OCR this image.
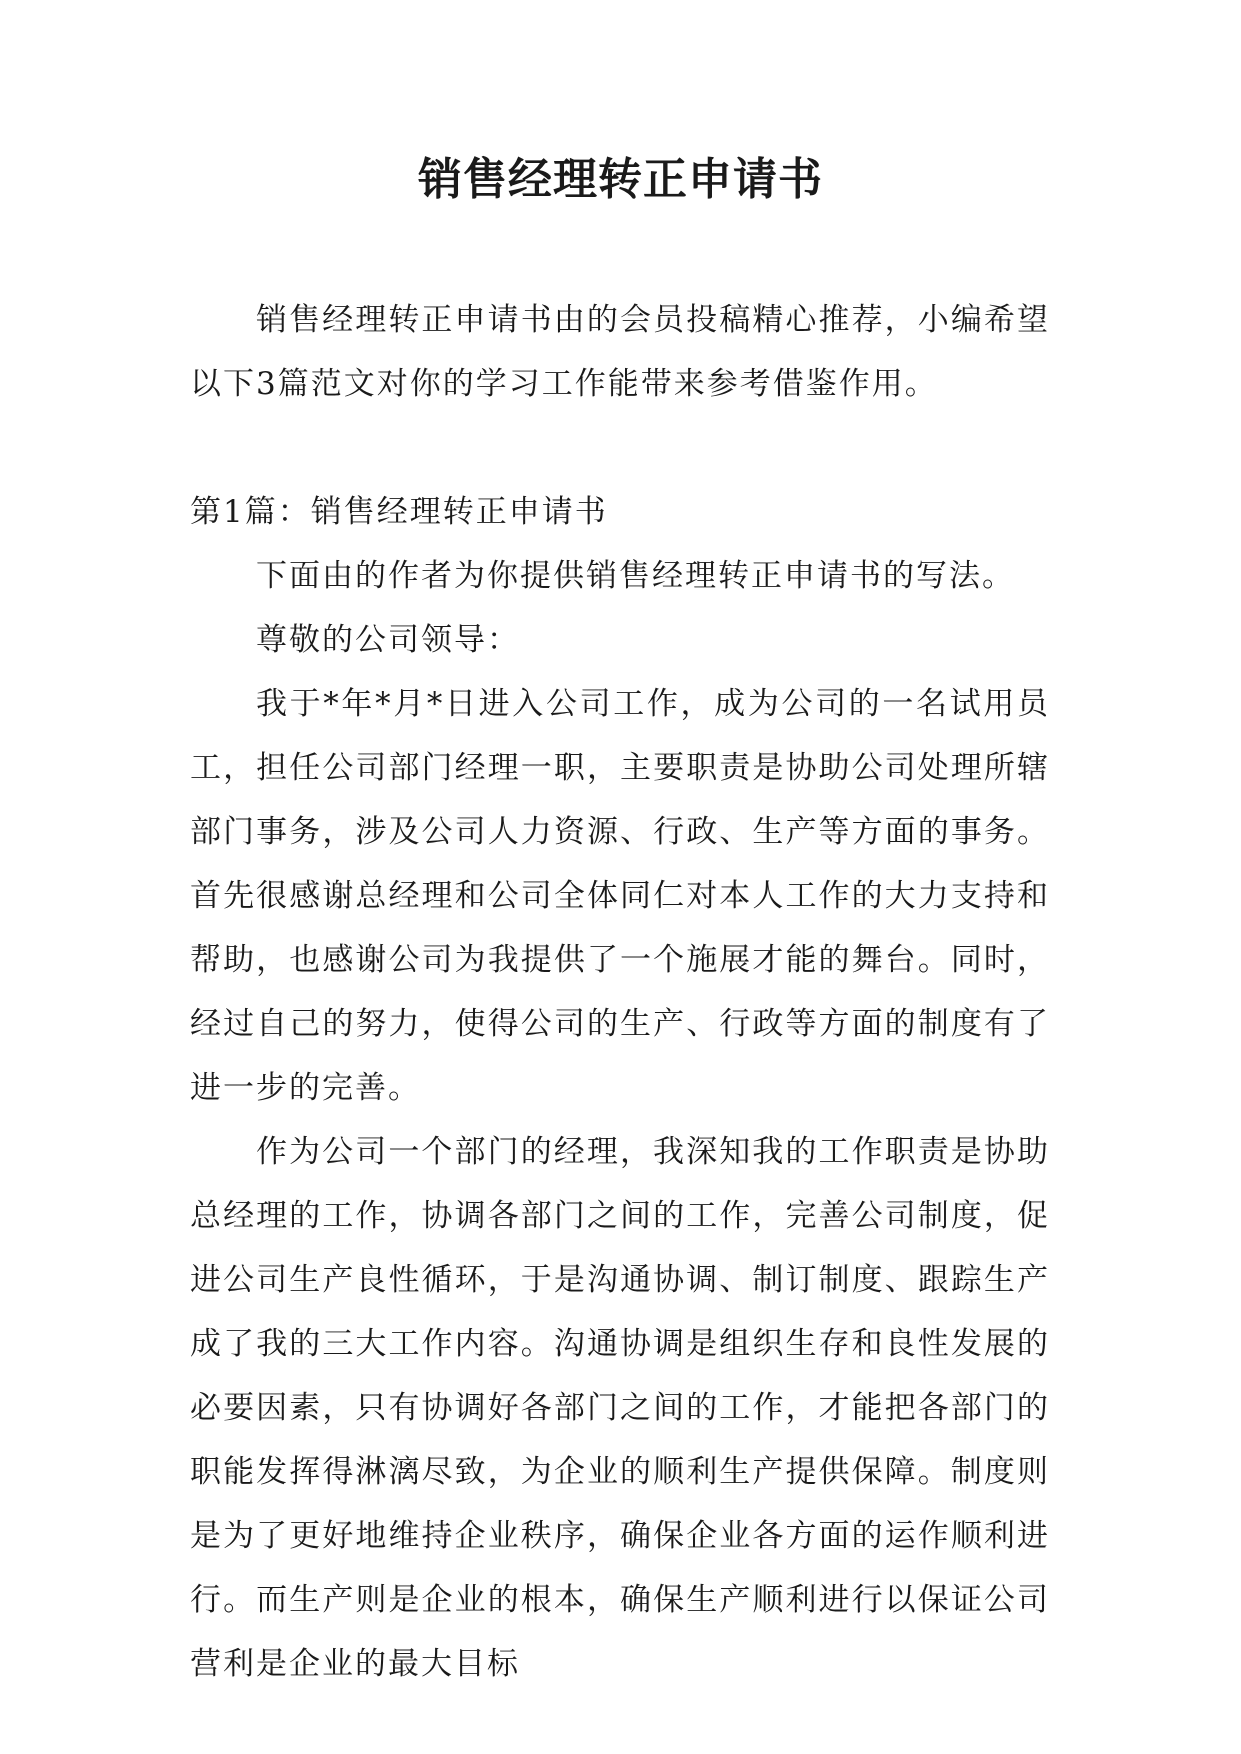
销售经理转正申请书

销售经理转正申请书由的会员投稿精心推荐，小编希望以下3篇范文对你的学习工作能带来参考借鉴作用。

第1篇：销售经理转正申请书

下面由的作者为你提供销售经理转正申请书的写法。

尊敬的公司领导：

我于*年*月*日进入公司工作，成为公司的一名试用员工，担任公司部门经理一职，主要职责是协助公司处理所辖部门事务，涉及公司人力资源、行政、生产等方面的事务。首先很感谢总经理和公司全体同仁对本人工作的大力支持和帮助，也感谢公司为我提供了一个施展才能的舞台。同时，经过自己的努力，使得公司的生产、行政等方面的制度有了进一步的完善。

作为公司一个部门的经理，我深知我的工作职责是协助总经理的工作，协调各部门之间的工作，完善公司制度，促进公司生产良性循环，于是沟通协调、制订制度、跟踪生产成了我的三大工作内容。沟通协调是组织生存和良性发展的必要因素，只有协调好各部门之间的工作，才能把各部门的职能发挥得淋漓尽致，为企业的顺利生产提供保障。制度则是为了更好地维持企业秩序，确保企业各方面的运作顺利进行。而生产则是企业的根本，确保生产顺利进行以保证公司营利是企业的最大目标
